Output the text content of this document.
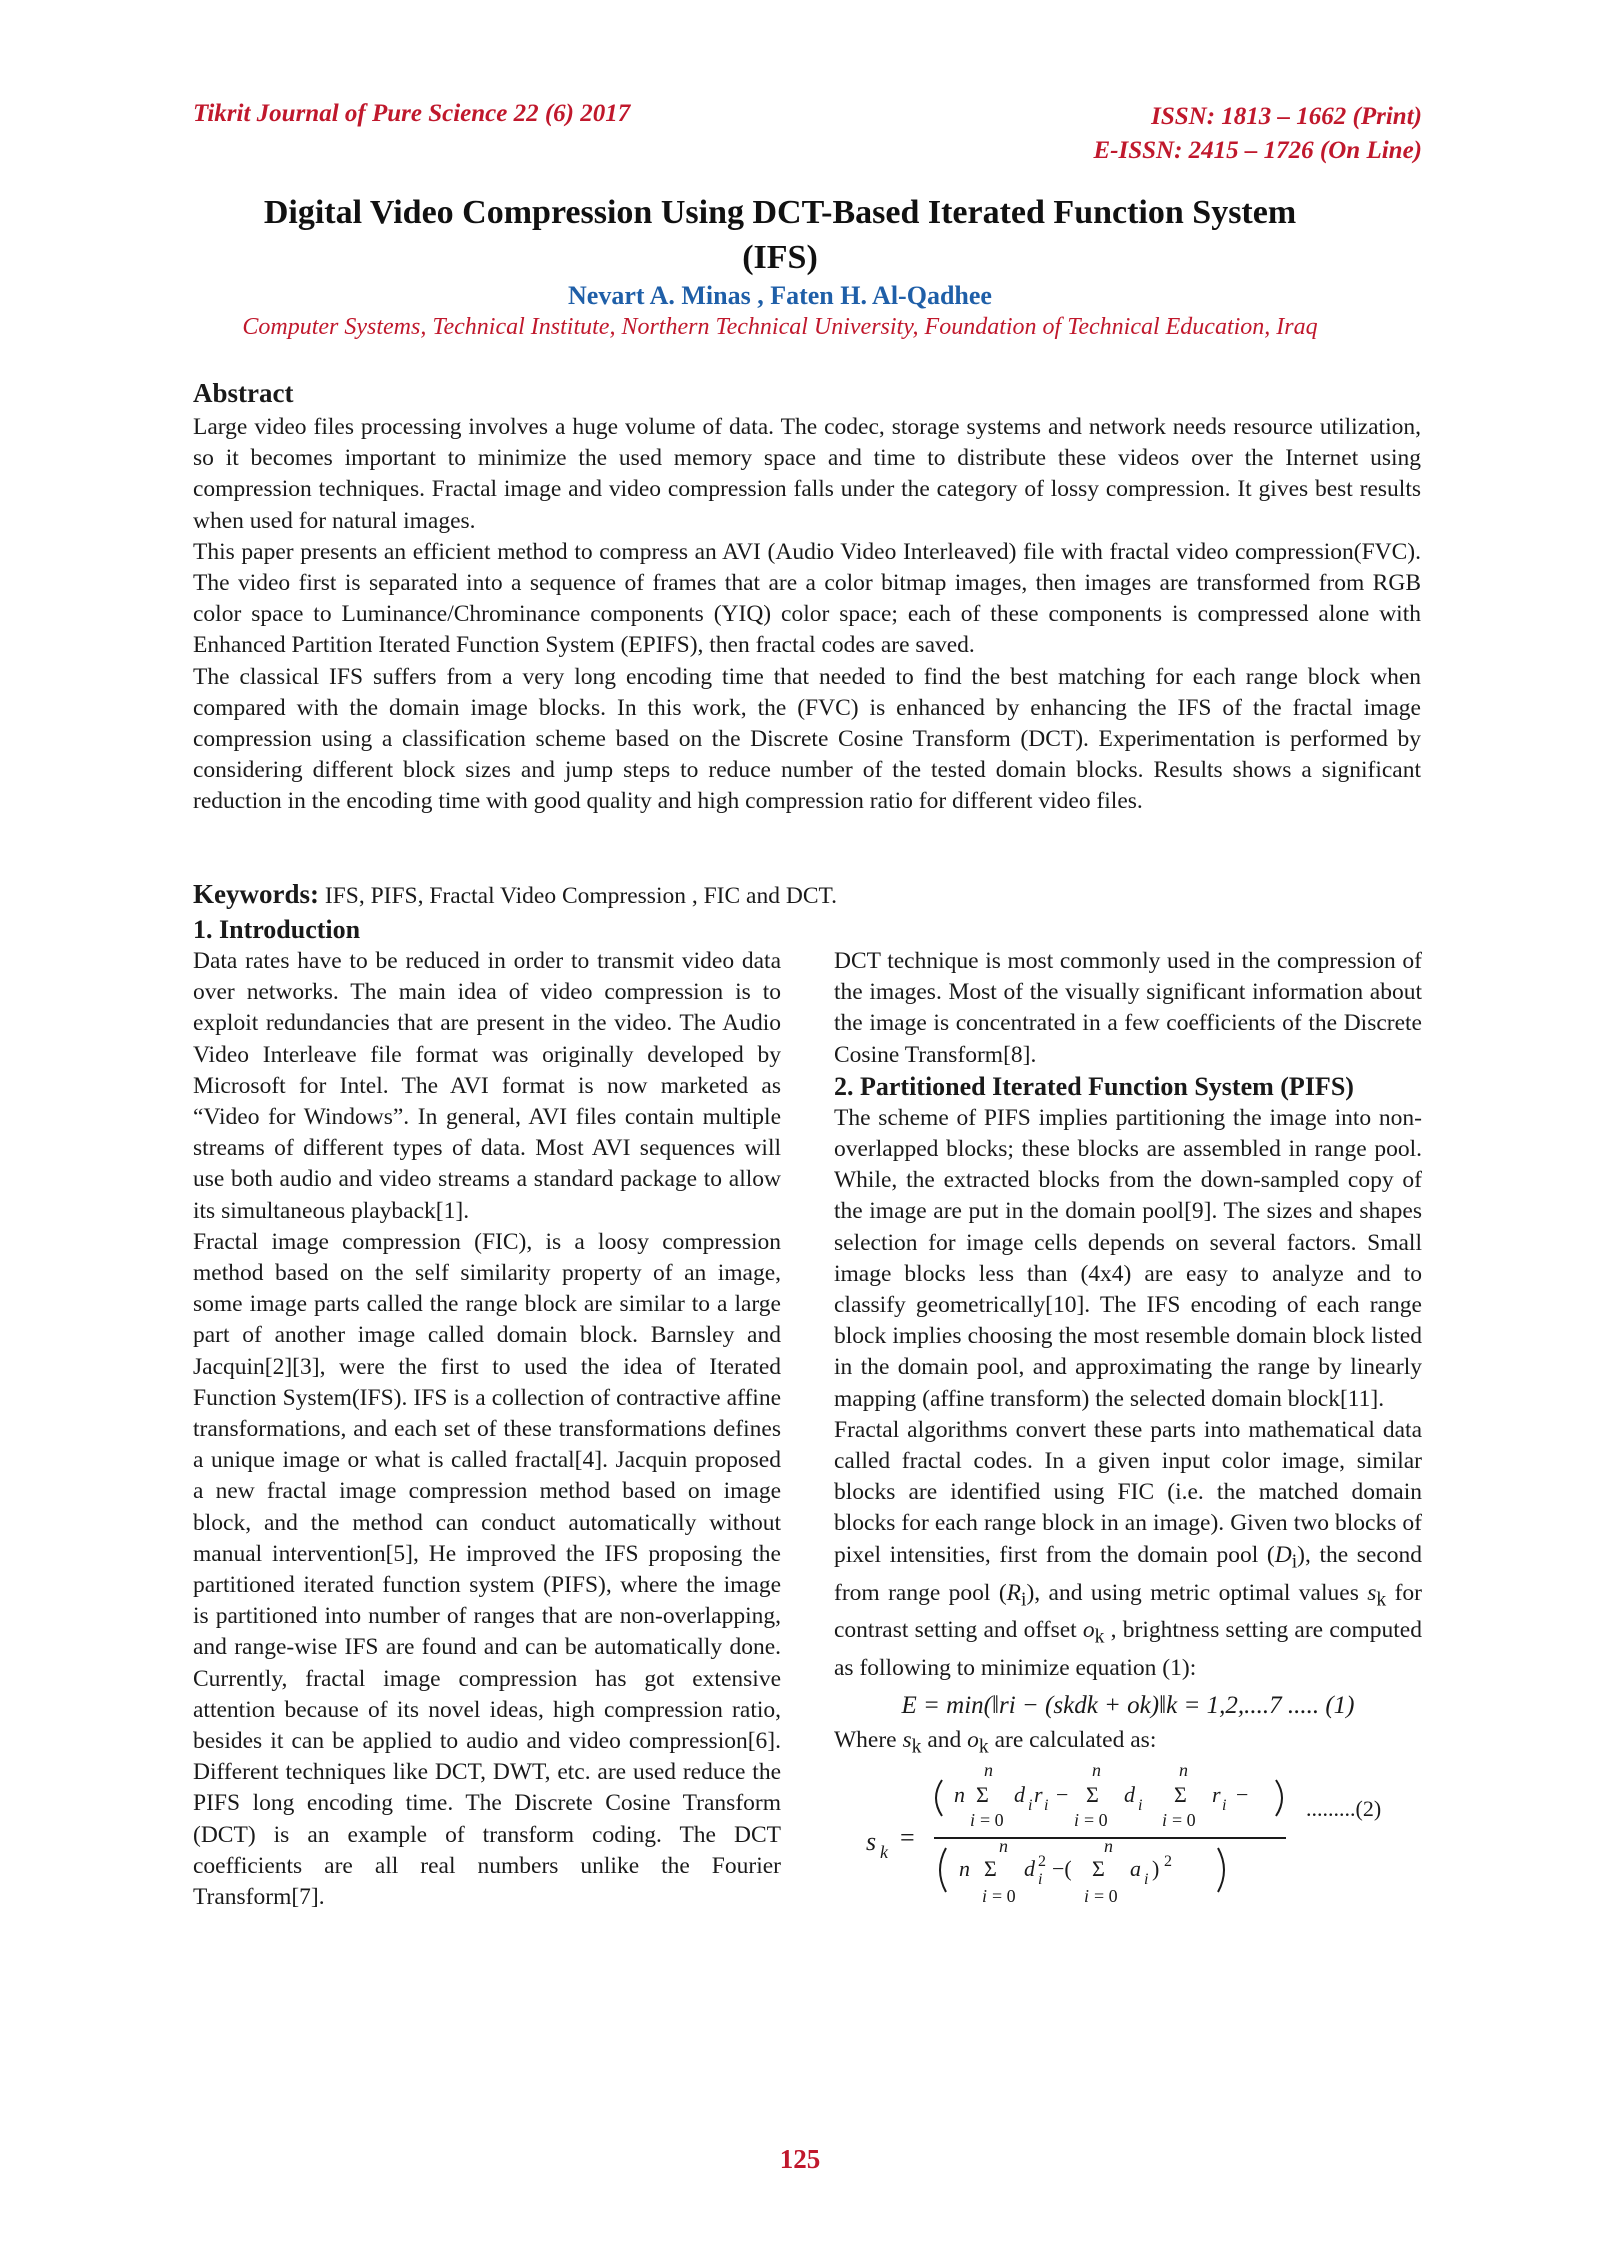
Tikrit Journal of Pure Science 22 (6) 2017	ISSN: 1813 – 1662 (Print)
E-ISSN: 2415 – 1726 (On Line)
Digital Video Compression Using DCT-Based Iterated Function System (IFS)
Nevart A. Minas , Faten H. Al-Qadhee
Computer Systems, Technical Institute, Northern Technical University, Foundation of Technical Education, Iraq
Abstract

Large video files processing involves a huge volume of data. The codec, storage systems and network needs resource utilization, so it becomes important to minimize the used memory space and time to distribute these videos over the Internet using compression techniques. Fractal image and video compression falls under the category of lossy compression. It gives best results when used for natural images.

This paper presents an efficient method to compress an AVI (Audio Video Interleaved) file with fractal video compression(FVC). The video first is separated into a sequence of frames that are a color bitmap images, then images are transformed from RGB color space to Luminance/Chrominance components (YIQ) color space; each of these components is compressed alone with Enhanced Partition Iterated Function System (EPIFS), then fractal codes are saved.

The classical IFS suffers from a very long encoding time that needed to find the best matching for each range block when compared with the domain image blocks. In this work, the (FVC) is enhanced by enhancing the IFS of the fractal image compression using a classification scheme based on the Discrete Cosine Transform (DCT). Experimentation is performed by considering different block sizes and jump steps to reduce number of the tested domain blocks. Results shows a significant reduction in the encoding time with good quality and high compression ratio for different video files.

Keywords: IFS, PIFS, Fractal Video Compression , FIC and DCT.
1. Introduction

Data rates have to be reduced in order to transmit video data over networks. The main idea of video compression is to exploit redundancies that are present in the video. The Audio Video Interleave file format was originally developed by Microsoft for Intel. The AVI format is now marketed as “Video for Windows”. In general, AVI files contain multiple streams of different types of data. Most AVI sequences will use both audio and video streams a standard package to allow its simultaneous playback[1].

Fractal image compression (FIC), is a loosy compression method based on the self similarity property of an image, some image parts called the range block are similar to a large part of another image called domain block. Barnsley and Jacquin[2][3], were the first to used the idea of Iterated Function System(IFS). IFS is a collection of contractive affine transformations, and each set of these transformations defines a unique image or what is called fractal[4]. Jacquin proposed a new fractal image compression method based on image block, and the method can conduct automatically without manual intervention[5], He improved the IFS proposing the partitioned iterated function system (PIFS), where the image is partitioned into number of ranges that are non-overlapping, and range-wise IFS are found and can be automatically done. Currently, fractal image compression has got extensive attention because of its novel ideas, high compression ratio, besides it can be applied to audio and video compression[6]. Different techniques like DCT, DWT, etc. are used reduce the PIFS long encoding time. The Discrete Cosine Transform (DCT) is an example of transform coding. The DCT coefficients are all real numbers unlike the Fourier Transform[7].

DCT technique is most commonly used in the compression of the images. Most of the visually significant information about the image is concentrated in a few coefficients of the Discrete Cosine Transform[8].

2. Partitioned Iterated Function System (PIFS)

The scheme of PIFS implies partitioning the image into non-overlapped blocks; these blocks are assembled in range pool. While, the extracted blocks from the down-sampled copy of the image are put in the domain pool[9]. The sizes and shapes selection for image cells depends on several factors. Small image blocks less than (4x4) are easy to analyze and to classify geometrically[10]. The IFS encoding of each range block implies choosing the most resemble domain block listed in the domain pool, and approximating the range by linearly mapping (affine transform) the selected domain block[11].

Fractal algorithms convert these parts into mathematical data called fractal codes. In a given input color image, similar blocks are identified using FIC (i.e. the matched domain blocks for each range block in an image). Given two blocks of pixel intensities, first from the domain pool $(D_i)$, the second from range pool $(R_i)$, and using metric optimal values $s_k$ for contrast setting and offset $o_k$ , brightness setting are computed as following to minimize equation (1):

E = min(‖ri − (skdk + ok)‖k = 1,2,....7 ..... (1)

Where $s_k$ and $o_k$ are calculated as:

s k =
n
n Σ d i r i −
i = 0
n
Σ d i
i = 0
n
Σ r i −
i = 0
n
n Σ d 2
i −(
i = 0
n
Σ a i ) 2
i = 0
.........(2)
125
